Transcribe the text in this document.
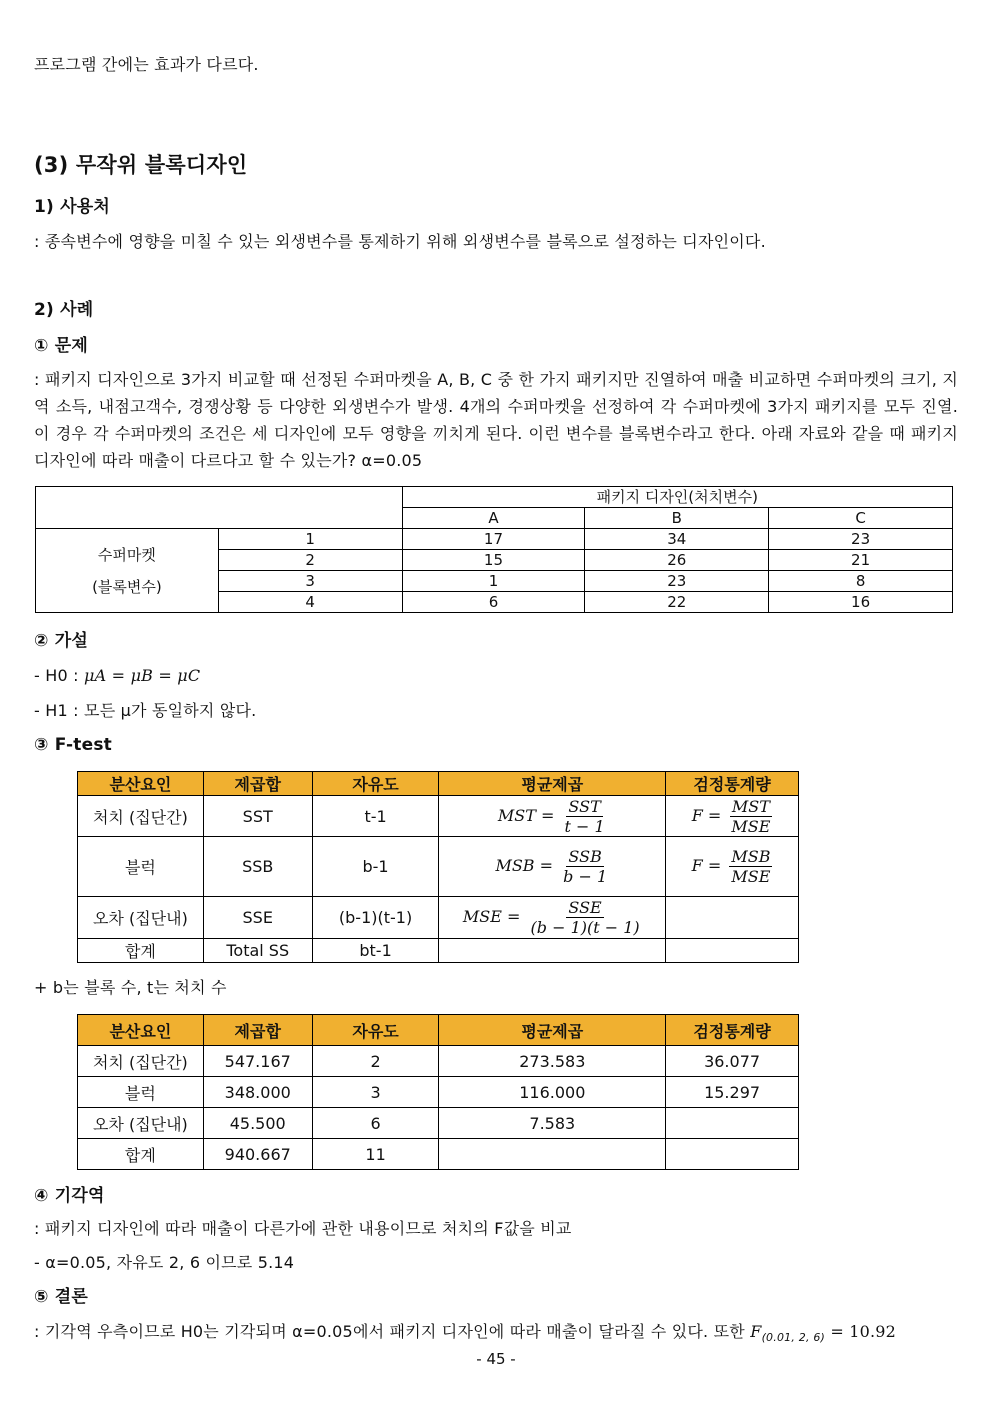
프로그램 간에는 효과가 다르다.
(3) 무작위 블록디자인
1) 사용처
: 종속변수에 영향을 미칠 수 있는 외생변수를 통제하기 위해 외생변수를 블록으로 설정하는 디자인이다.
2) 사례
① 문제
: 패키지 디자인으로 3가지 비교할 때 선정된 수퍼마켓을 A, B, C 중 한 가지 패키지만 진열하여 매출 비교하면 수퍼마켓의 크기, 지역 소득, 내점고객수, 경쟁상황 등 다양한 외생변수가 발생. 4개의 수퍼마켓을 선정하여 각 수퍼마켓에 3가지 패키지를 모두 진열. 이 경우 각 수퍼마켓의 조건은 세 디자인에 모두 영향을 끼치게 된다. 이런 변수를 블록변수라고 한다. 아래 자료와 같을 때 패키지 디자인에 따라 매출이 다르다고 할 수 있는가? α=0.05
		패키지 디자인(처치변수)		
		A	B	C

수퍼마켓
(블록변수)	1	17	34	23
	2	15	26	21
	3	1	23	8
	4	6	22	16
② 가설
- H0 : μA = μB = μC
- H1 : 모든 μ가 동일하지 않다.
③ F-test
분산요인	제곱합	자유도	평균제곱	검정통계량
처치 (집단간)	SST	t-1	MST = $\frac{\text{SST}}{t - 1}$	$F = \frac{\text{MST}}{\text{MSE}}$

블럭	SSB	b-1	MSB = $\frac{\text{SSB}}{b - 1}$	$F = \frac{\text{MSB}}{\text{MSE}}$

오차 (집단내)	SSE	(b-1)(t-1)	MSE = $\frac{\text{SSE}}{(b - 1)(t - 1)}$

합계	Total SS	bt-1		
+ b는 블록 수, t는 처치 수
분산요인	제곱합	자유도	평균제곱	검정통계량
처치 (집단간)	547.167	2	273.583	36.077
블럭	348.000	3	116.000	15.297
오차 (집단내)	45.500	6	7.583	
합계	940.667	11		
④ 기각역
: 패키지 디자인에 따라 매출이 다른가에 관한 내용이므로 처치의 F값을 비교
- α=0.05, 자유도 2, 6 이므로 5.14
⑤ 결론
: 기각역 우측이므로 H0는 기각되며 α=0.05에서 패키지 디자인에 따라 매출이 달라질 수 있다. 또한 $F_{(0.01, 2, 6)} = 10.92$
- 45 -
